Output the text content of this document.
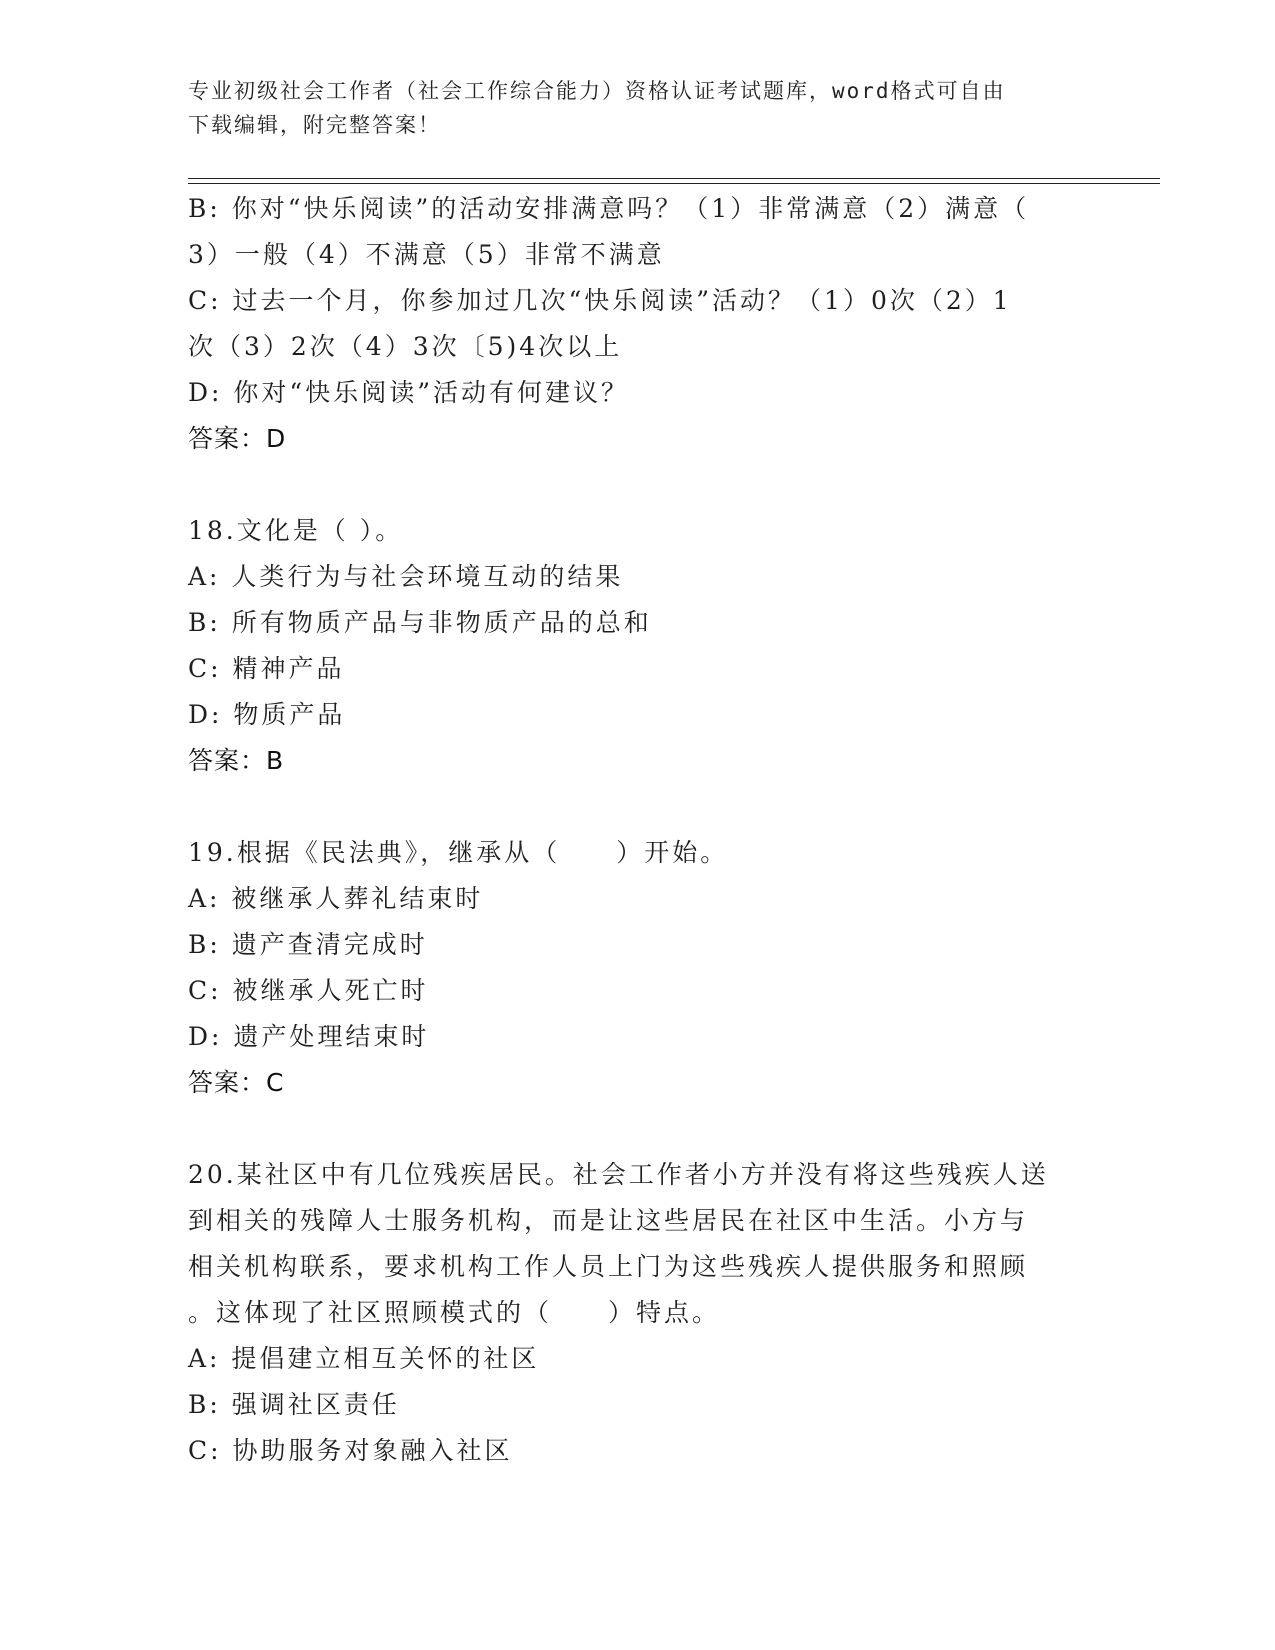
专业初级社会工作者（社会工作综合能力）资格认证考试题库，word格式可自由
下载编辑，附完整答案！
B: 你对“快乐阅读”的活动安排满意吗？（1）非常满意（2）满意（
3）一般（4）不满意（5）非常不满意
C: 过去一个月，你参加过几次“快乐阅读”活动？（1）0次（2）1
次（3）2次（4）3次〔5)4次以上
D: 你对“快乐阅读”活动有何建议？
答案：D
18.文化是（ ）。
A: 人类行为与社会环境互动的结果
B: 所有物质产品与非物质产品的总和
C: 精神产品
D: 物质产品
答案：B
19.根据《民法典》，继承从（　　）开始。
A: 被继承人葬礼结束时
B: 遗产查清完成时
C: 被继承人死亡时
D: 遗产处理结束时
答案：C
20.某社区中有几位残疾居民。社会工作者小方并没有将这些残疾人送
到相关的残障人士服务机构，而是让这些居民在社区中生活。小方与
相关机构联系，要求机构工作人员上门为这些残疾人提供服务和照顾
。这体现了社区照顾模式的（　　）特点。
A: 提倡建立相互关怀的社区
B: 强调社区责任
C: 协助服务对象融入社区
